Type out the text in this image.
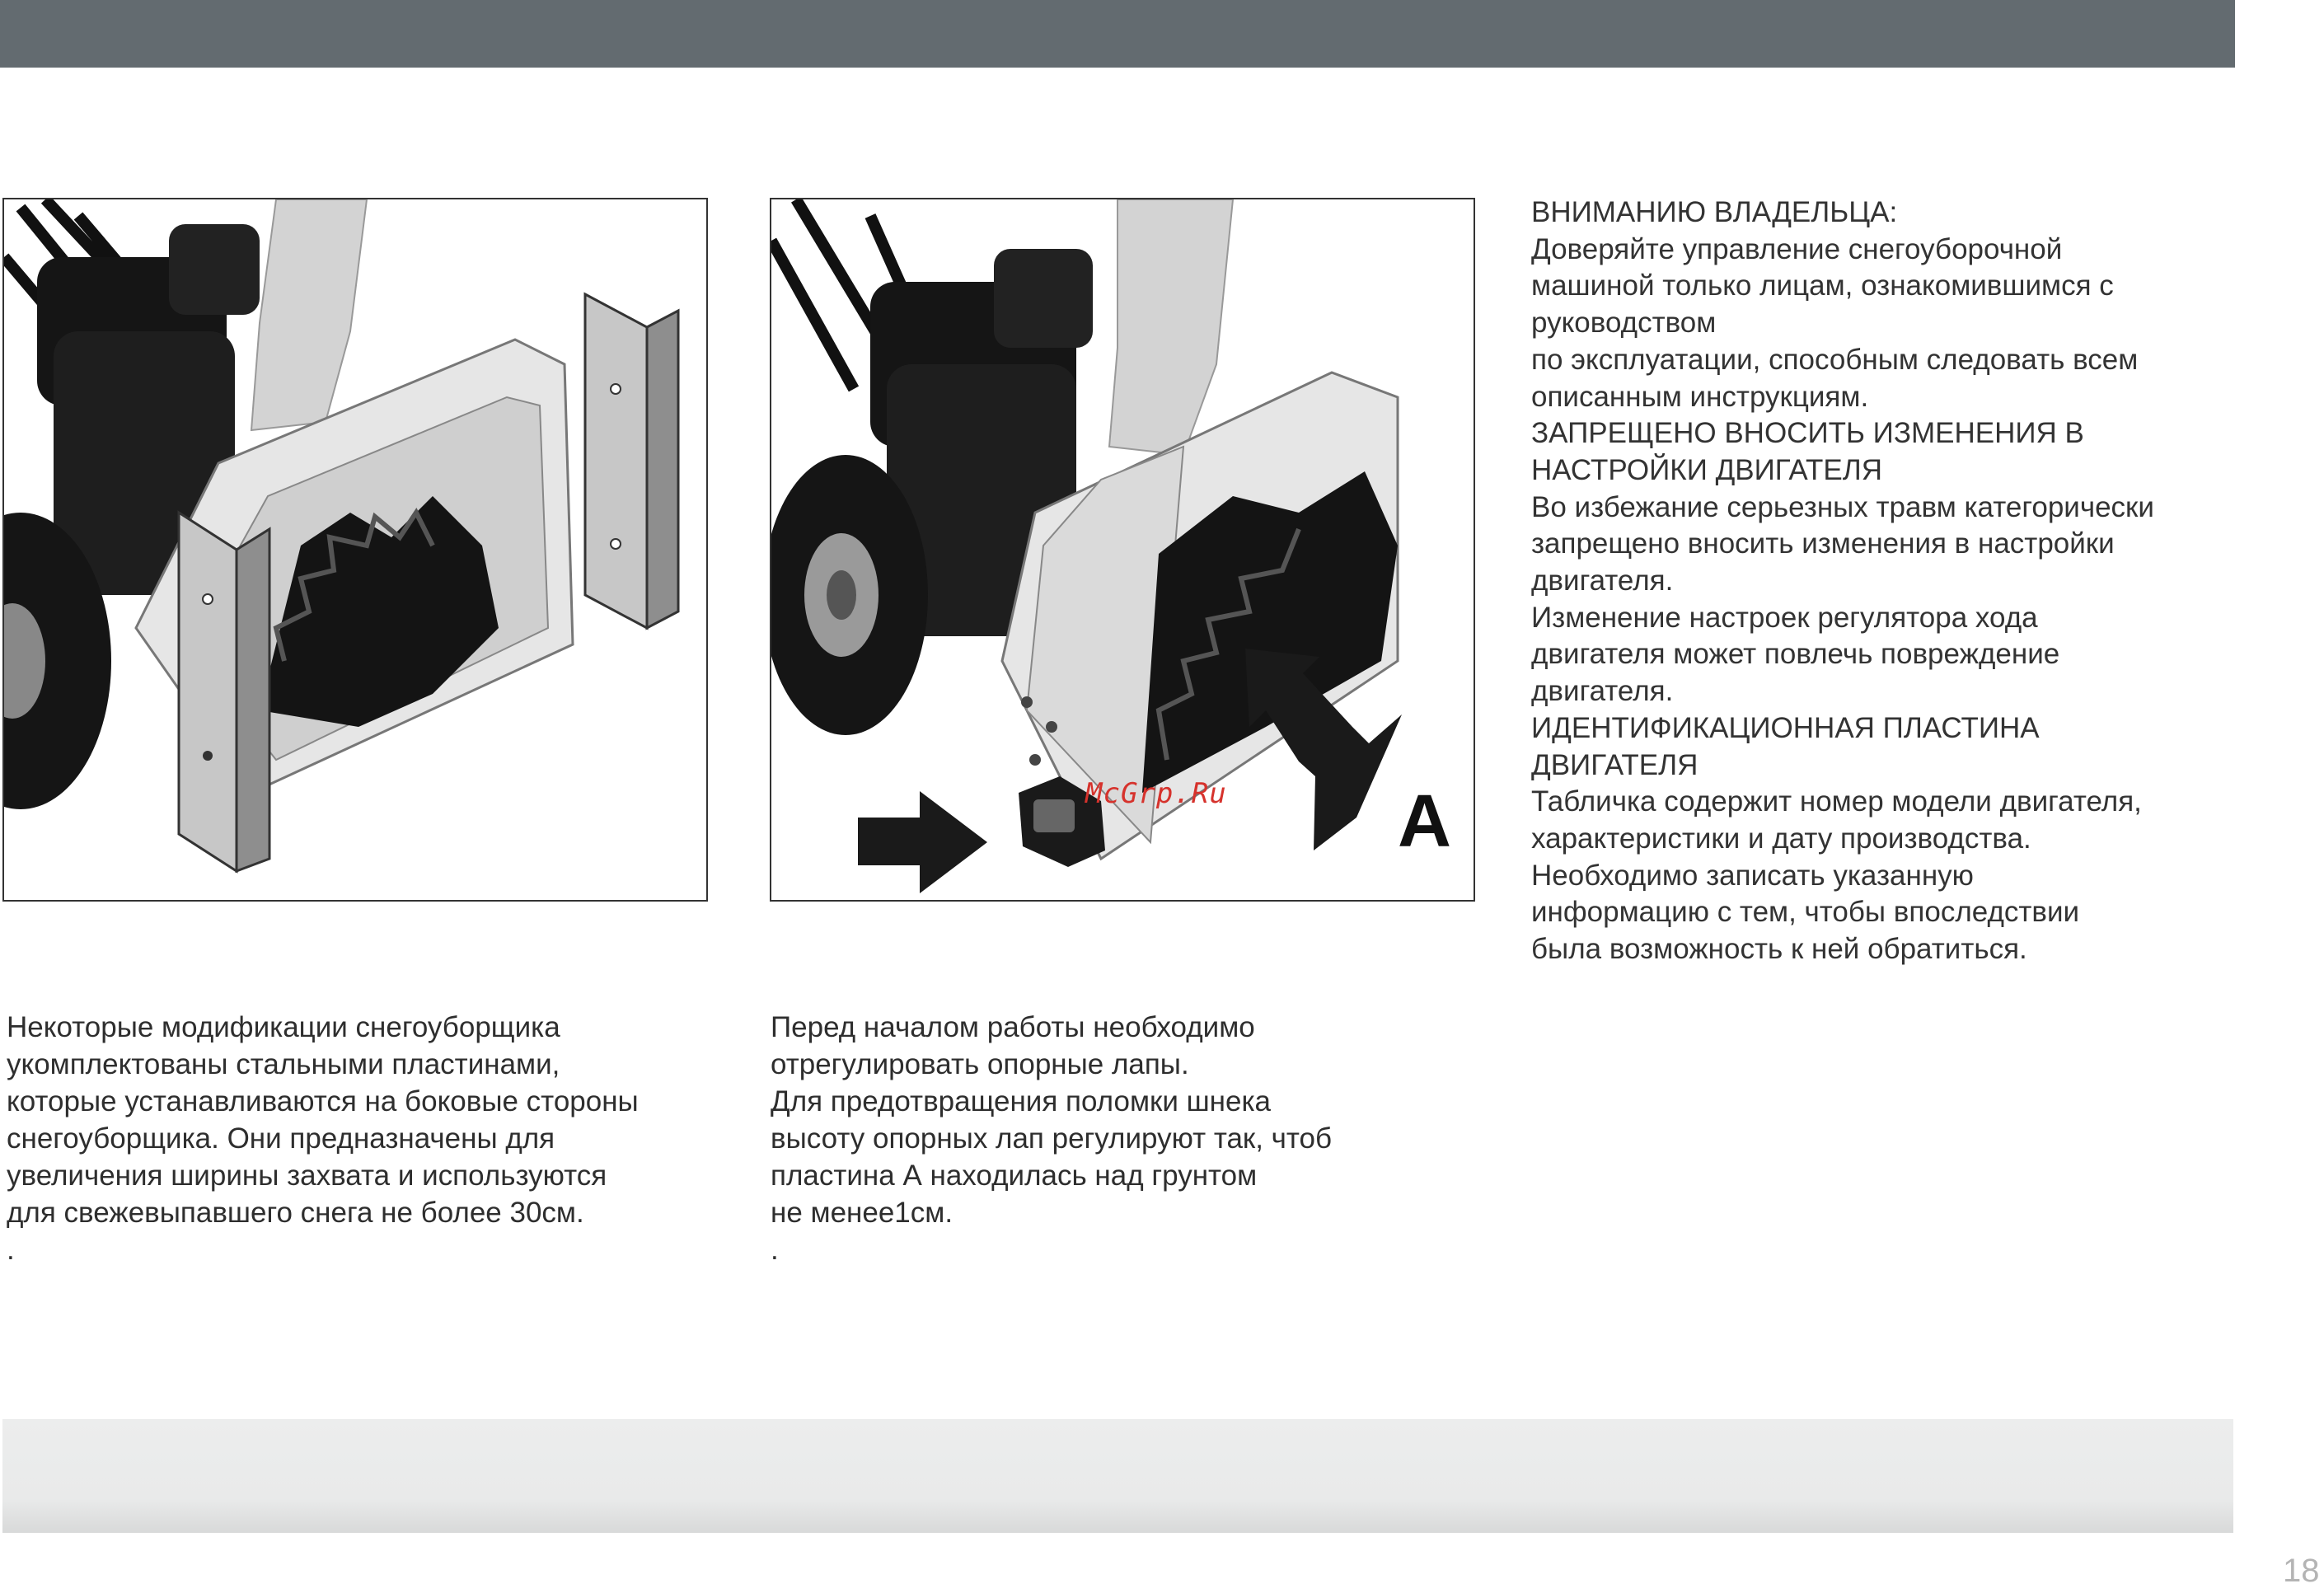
A
McGrp.Ru
Некоторые модификации снегоуборщика
укомплектованы стальными пластинами,
которые устанавливаются на боковые стороны
снегоуборщика. Они предназначены для
увеличения ширины захвата и используются
для свежевыпавшего снега не более 30см.
.
Перед началом работы необходимо
отрегулировать опорные лапы.
Для предотвращения поломки шнека
высоту опорных лап регулируют так, чтоб
пластина А находилась над грунтом
не менее1см.
.

ВНИМАНИЮ ВЛАДЕЛЬЦА:

Доверяйте управление снегоуборочной

машиной только лицам, ознакомившимся с

руководством

по эксплуатации, способным следовать всем

описанным инструкциям.

ЗАПРЕЩЕНО ВНОСИТЬ ИЗМЕНЕНИЯ В

НАСТРОЙКИ ДВИГАТЕЛЯ

Во избежание серьезных травм категорически

запрещено вносить изменения в настройки

двигателя.

Изменение настроек регулятора хода

двигателя может повлечь повреждение

двигателя.

ИДЕНТИФИКАЦИОННАЯ ПЛАСТИНА

ДВИГАТЕЛЯ

Табличка содержит номер модели двигателя,

характеристики и дату производства.

Необходимо записать указанную

информацию с тем, чтобы впоследствии

была возможность к ней обратиться.

18
